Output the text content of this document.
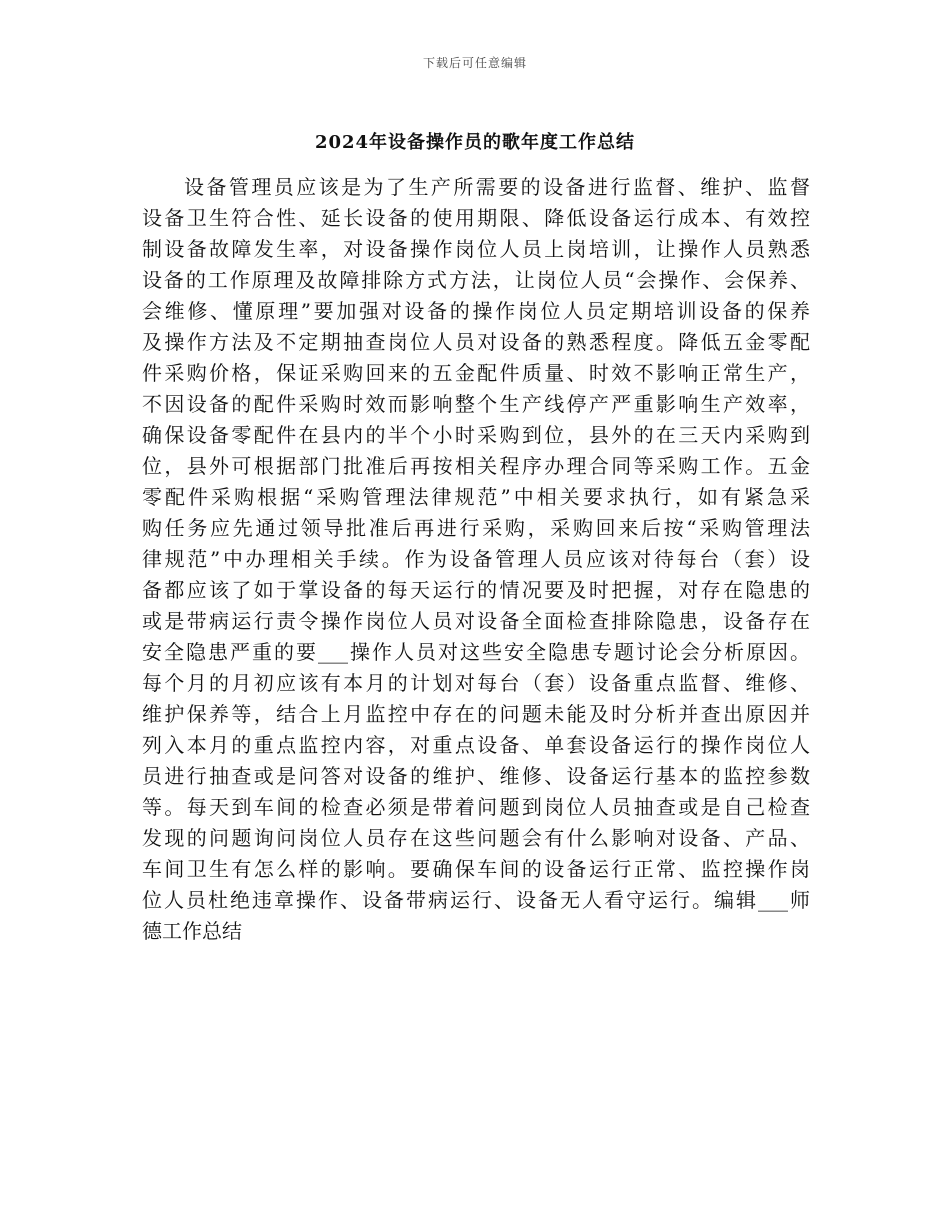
下载后可任意编辑
2024年设备操作员的歌年度工作总结
设备管理员应该是为了生产所需要的设备进行监督、维护、监督
设备卫生符合性、延长设备的使用期限、降低设备运行成本、有效控
制设备故障发生率，对设备操作岗位人员上岗培训，让操作人员熟悉
设备的工作原理及故障排除方式方法，让岗位人员“会操作、会保养、
会维修、懂原理”要加强对设备的操作岗位人员定期培训设备的保养
及操作方法及不定期抽查岗位人员对设备的熟悉程度。降低五金零配
件采购价格，保证采购回来的五金配件质量、时效不影响正常生产，
不因设备的配件采购时效而影响整个生产线停产严重影响生产效率，
确保设备零配件在县内的半个小时采购到位，县外的在三天内采购到
位，县外可根据部门批准后再按相关程序办理合同等采购工作。五金
零配件采购根据“采购管理法律规范”中相关要求执行，如有紧急采
购任务应先通过领导批准后再进行采购，采购回来后按“采购管理法
律规范”中办理相关手续。作为设备管理人员应该对待每台（套）设
备都应该了如于掌设备的每天运行的情况要及时把握，对存在隐患的
或是带病运行责令操作岗位人员对设备全面检查排除隐患，设备存在
安全隐患严重的要___操作人员对这些安全隐患专题讨论会分析原因。
每个月的月初应该有本月的计划对每台（套）设备重点监督、维修、
维护保养等，结合上月监控中存在的问题未能及时分析并查出原因并
列入本月的重点监控内容，对重点设备、单套设备运行的操作岗位人
员进行抽查或是问答对设备的维护、维修、设备运行基本的监控参数
等。每天到车间的检查必须是带着问题到岗位人员抽查或是自己检查
发现的问题询问岗位人员存在这些问题会有什么影响对设备、产品、
车间卫生有怎么样的影响。要确保车间的设备运行正常、监控操作岗
位人员杜绝违章操作、设备带病运行、设备无人看守运行。编辑___师
德工作总结
